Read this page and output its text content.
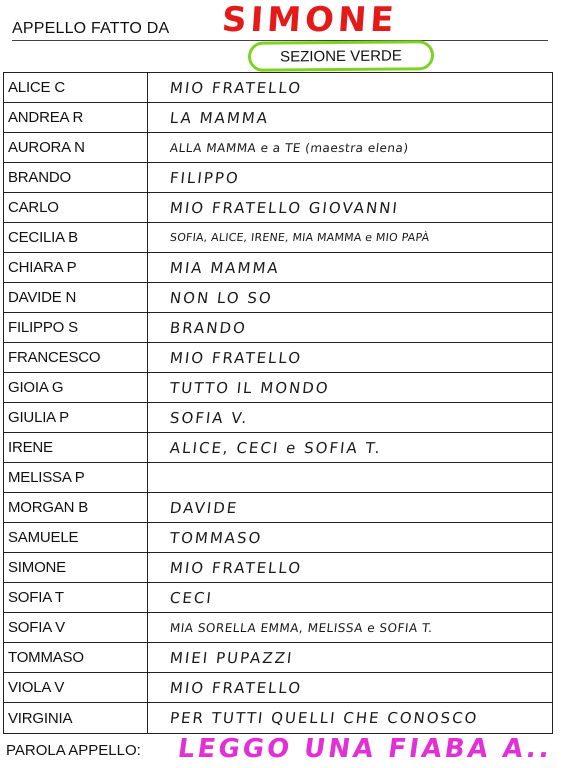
APPELLO FATTO DA SIMONE
SEZIONE VERDE
ALICE C	MIO FRATELLO
ANDREA R	LA MAMMA
AURORA N	ALLA MAMMA e a TE (maestra elena)
BRANDO	FILIPPO
CARLO	MIO FRATELLO GIOVANNI
CECILIA B	SOFIA, ALICE, IRENE, MIA MAMMA e MIO PAPÀ
CHIARA P	MIA MAMMA
DAVIDE N	NON LO SO
FILIPPO S	BRANDO
FRANCESCO	MIO FRATELLO
GIOIA G	TUTTO IL MONDO
GIULIA P	SOFIA V.
IRENE	ALICE, CECI e SOFIA T.
MELISSA P
MORGAN B	DAVIDE
SAMUELE	TOMMASO
SIMONE	MIO FRATELLO
SOFIA T	CECI
SOFIA V	MIA SORELLA EMMA, MELISSA e SOFIA T.
TOMMASO	MIEI PUPAZZI
VIOLA V	MIO FRATELLO
VIRGINIA	PER TUTTI QUELLI CHE CONOSCO
PAROLA APPELLO: LEGGO UNA FIABA A..
